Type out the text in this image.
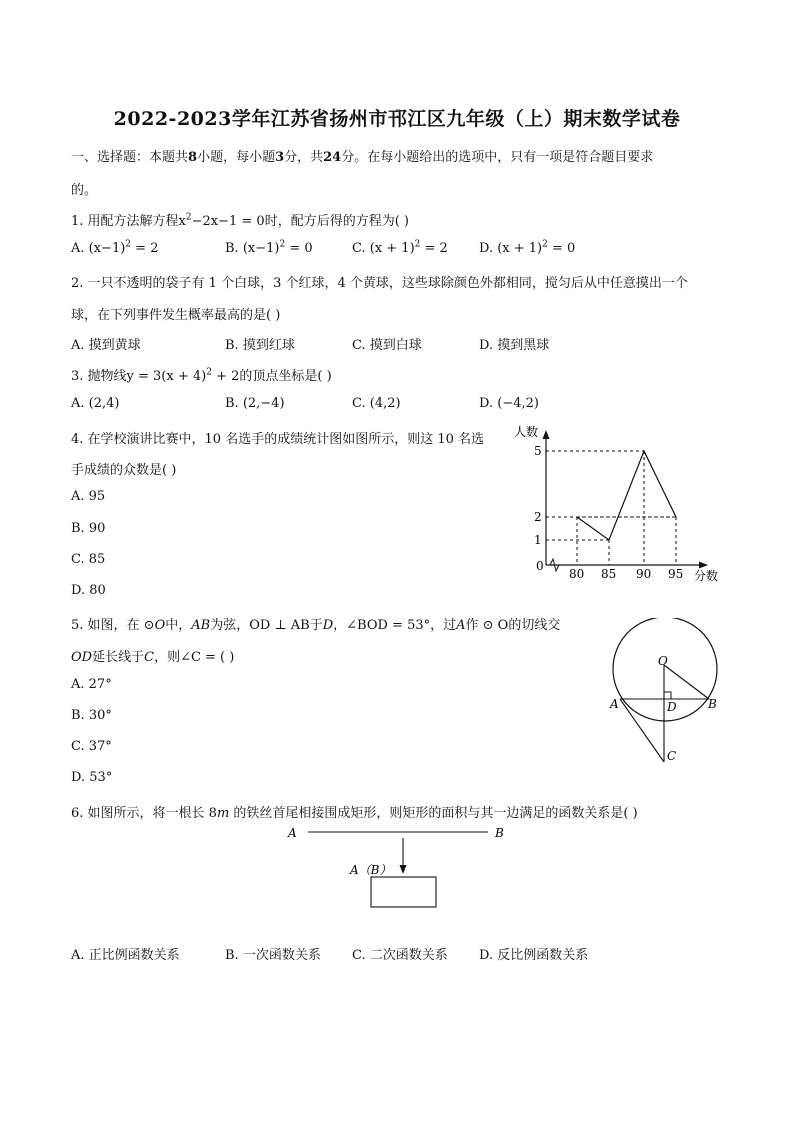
2022-2023学年江苏省扬州市邗江区九年级（上）期末数学试卷
一、选择题：本题共8小题，每小题3分，共24分。在每小题给出的选项中，只有一项是符合题目要求
的。
1. 用配方法解方程$x^2-2x-1 = 0$时，配方后得的方程为( )
A. $(x-1)^2 = 2$	B. $(x-1)^2 = 0$	C. $(x + 1)^2 = 2$ D. $(x + 1)^2 = 0$
2. 一只不透明的袋子有 1 个白球，3 个红球，4 个黄球，这些球除颜色外都相同，搅匀后从中任意摸出一个
球，在下列事件发生概率最高的是( )
A. 摸到黄球	B. 摸到红球	C. 摸到白球	D. 摸到黑球
3. 抛物线$y = 3(x + 4)^2 + 2$的顶点坐标是( )
A. (2,4)	B. (2,−4)	C. (4,2)	D. (−4,2)
4. 在学校演讲比赛中，10 名选手的成绩统计图如图所示，则这 10 名选
手成绩的众数是( )
A. 95
B. 90
C. 85
D. 80
0
人数
分数
80 85 90 95
1
2
5
5. 如图，在 ⊙O中，AB为弦，OD ⊥ AB于D，∠BOD = 53°，过A作 ⊙ O的切线交
OD延长线于C，则∠C = ( )
A. 27°
B. 30°
C. 37°
D. 53°
O
A	B
D
C
6. 如图所示，将一根长 8m 的铁丝首尾相接围成矩形，则矩形的面积与其一边满足的函数关系是( )
A	B
A（B）
A. 正比例函数关系	B. 一次函数关系 C. 二次函数关系 D. 反比例函数关系
